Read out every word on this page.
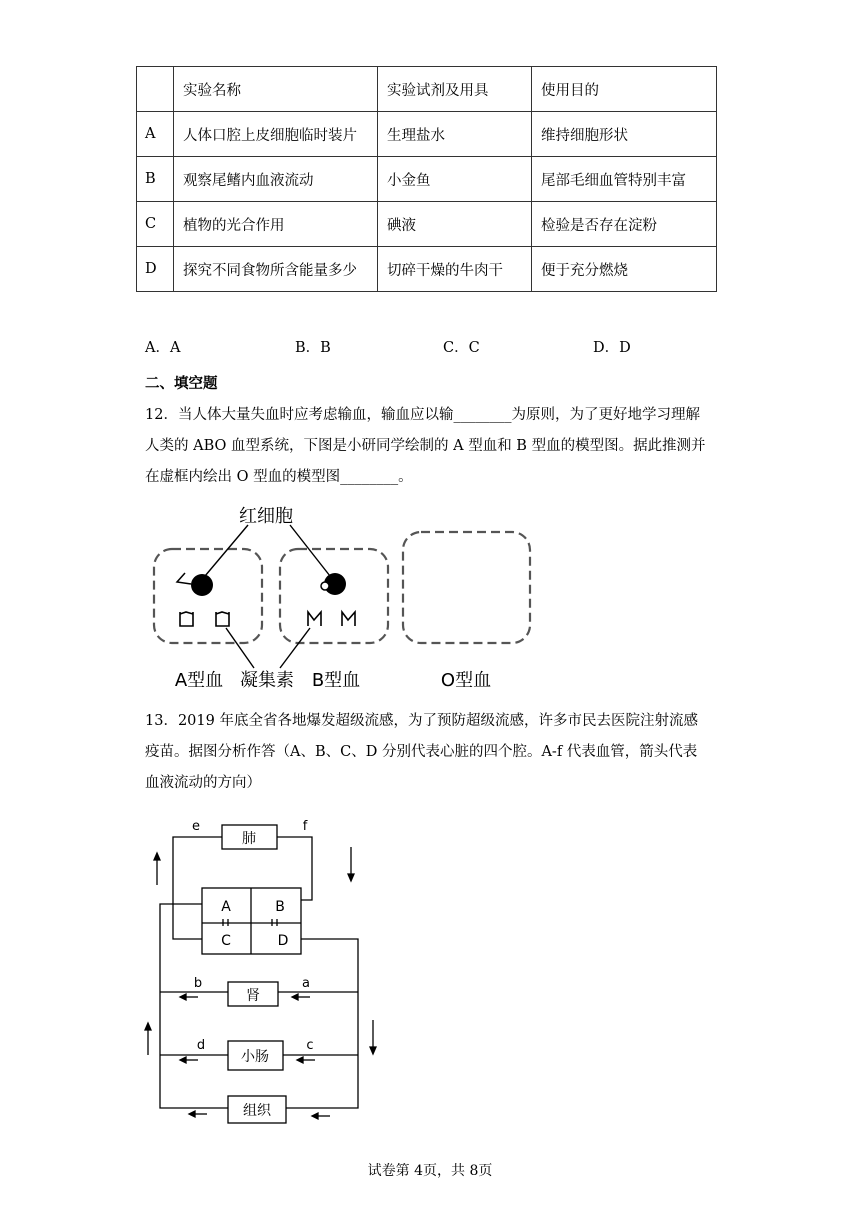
	实验名称	实验试剂及用具	使用目的
A	人体口腔上皮细胞临时装片	生理盐水	维持细胞形状
B	观察尾鳍内血液流动	小金鱼	尾部毛细血管特别丰富
C	植物的光合作用	碘液	检验是否存在淀粉
D	探究不同食物所含能量多少	切碎干燥的牛肉干	便于充分燃烧
A．A	B．B	C．C	D．D
二、填空题

12．当人体大量失血时应考虑输血，输血应以输________为原则，为了更好地学习理解

人类的 ABO 血型系统，下图是小研同学绘制的 A 型血和 B 型血的模型图。据此推测并

在虚框内绘出 O 型血的模型图________。

红细胞
A型血 凝集素 B型血	O型血

13．2019 年底全省各地爆发超级流感，为了预防超级流感，许多市民去医院注射流感

疫苗。据图分析作答（A、B、C、D 分别代表心脏的四个腔。A-f 代表血管，箭头代表

血液流动的方向）

肺
肾
小肠
组织
A	B
C	D
e	f
b	a
d	c
试卷第 4页，共 8页
